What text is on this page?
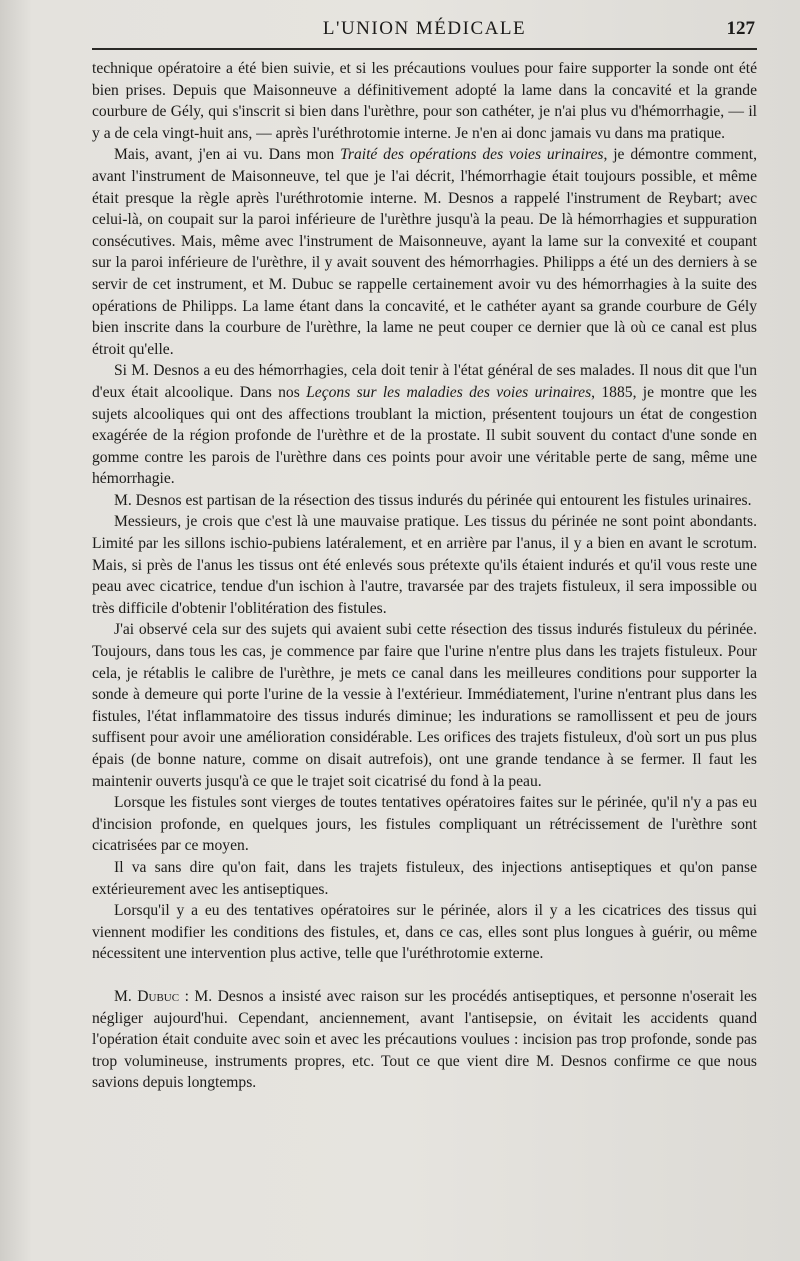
L'UNION MÉDICALE	127

technique opératoire a été bien suivie, et si les précautions voulues pour faire supporter la sonde ont été bien prises. Depuis que Maisonneuve a définitivement adopté la lame dans la concavité et la grande courbure de Gély, qui s'inscrit si bien dans l'urèthre, pour son cathéter, je n'ai plus vu d'hémorrhagie, — il y a de cela vingt-huit ans, — après l'uréthrotomie interne. Je n'en ai donc jamais vu dans ma pratique.

Mais, avant, j'en ai vu. Dans mon Traité des opérations des voies urinaires, je démontre comment, avant l'instrument de Maisonneuve, tel que je l'ai décrit, l'hémorrhagie était toujours possible, et même était presque la règle après l'uréthrotomie interne. M. Desnos a rappelé l'instrument de Reybart; avec celui-là, on coupait sur la paroi inférieure de l'urèthre jusqu'à la peau. De là hémorrhagies et suppuration consécutives. Mais, même avec l'instrument de Maisonneuve, ayant la lame sur la convexité et coupant sur la paroi inférieure de l'urèthre, il y avait souvent des hémorrhagies. Philipps a été un des derniers à se servir de cet instrument, et M. Dubuc se rappelle certainement avoir vu des hémorrhagies à la suite des opérations de Philipps. La lame étant dans la concavité, et le cathéter ayant sa grande courbure de Gély bien inscrite dans la courbure de l'urèthre, la lame ne peut couper ce dernier que là où ce canal est plus étroit qu'elle.

Si M. Desnos a eu des hémorrhagies, cela doit tenir à l'état général de ses malades. Il nous dit que l'un d'eux était alcoolique. Dans nos Leçons sur les maladies des voies urinaires, 1885, je montre que les sujets alcooliques qui ont des affections troublant la miction, présentent toujours un état de congestion exagérée de la région profonde de l'urèthre et de la prostate. Il subit souvent du contact d'une sonde en gomme contre les parois de l'urèthre dans ces points pour avoir une véritable perte de sang, même une hémorrhagie.

M. Desnos est partisan de la résection des tissus indurés du périnée qui entourent les fistules urinaires.

Messieurs, je crois que c'est là une mauvaise pratique. Les tissus du périnée ne sont point abondants. Limité par les sillons ischio-pubiens latéralement, et en arrière par l'anus, il y a bien en avant le scrotum. Mais, si près de l'anus les tissus ont été enlevés sous prétexte qu'ils étaient indurés et qu'il vous reste une peau avec cicatrice, tendue d'un ischion à l'autre, travarsée par des trajets fistuleux, il sera impossible ou très difficile d'obtenir l'oblitération des fistules.

J'ai observé cela sur des sujets qui avaient subi cette résection des tissus indurés fistuleux du périnée. Toujours, dans tous les cas, je commence par faire que l'urine n'entre plus dans les trajets fistuleux. Pour cela, je rétablis le calibre de l'urèthre, je mets ce canal dans les meilleures conditions pour supporter la sonde à demeure qui porte l'urine de la vessie à l'extérieur. Immédiatement, l'urine n'entrant plus dans les fistules, l'état inflammatoire des tissus indurés diminue; les indurations se ramollissent et peu de jours suffisent pour avoir une amélioration considérable. Les orifices des trajets fistuleux, d'où sort un pus plus épais (de bonne nature, comme on disait autrefois), ont une grande tendance à se fermer. Il faut les maintenir ouverts jusqu'à ce que le trajet soit cicatrisé du fond à la peau.

Lorsque les fistules sont vierges de toutes tentatives opératoires faites sur le périnée, qu'il n'y a pas eu d'incision profonde, en quelques jours, les fistules compliquant un rétrécissement de l'urèthre sont cicatrisées par ce moyen.

Il va sans dire qu'on fait, dans les trajets fistuleux, des injections antiseptiques et qu'on panse extérieurement avec les antiseptiques.

Lorsqu'il y a eu des tentatives opératoires sur le périnée, alors il y a les cicatrices des tissus qui viennent modifier les conditions des fistules, et, dans ce cas, elles sont plus longues à guérir, ou même nécessitent une intervention plus active, telle que l'uréthrotomie externe.

M. Dubuc : M. Desnos a insisté avec raison sur les procédés antiseptiques, et personne n'oserait les négliger aujourd'hui. Cependant, anciennement, avant l'antisepsie, on évitait les accidents quand l'opération était conduite avec soin et avec les précautions voulues : incision pas trop profonde, sonde pas trop volumineuse, instruments propres, etc. Tout ce que vient dire M. Desnos confirme ce que nous savions depuis longtemps.
